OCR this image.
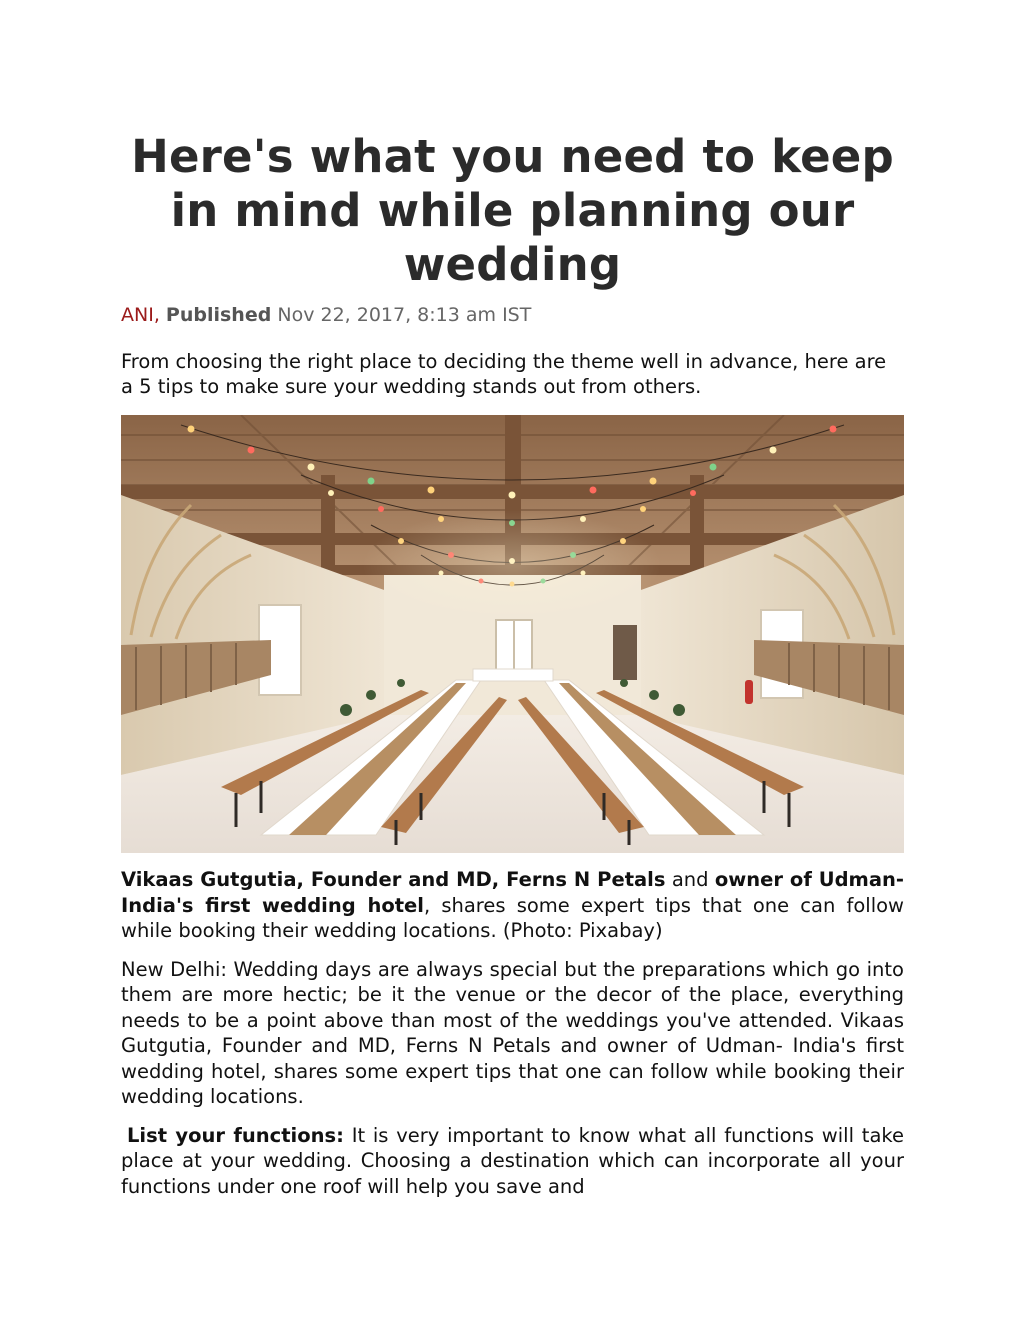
Here's what you need to keep in mind while planning our wedding
ANI, Published Nov 22, 2017, 8:13 am IST

From choosing the right place to deciding the theme well in advance, here are a 5 tips to make sure your wedding stands out from others.

Vikaas Gutgutia, Founder and MD, Ferns N Petals and owner of Udman- India's first wedding hotel, shares some expert tips that one can follow while booking their wedding locations. (Photo: Pixabay)

New Delhi: Wedding days are always special but the preparations which go into them are more hectic; be it the venue or the decor of the place, everything needs to be a point above than most of the weddings you've attended. Vikaas Gutgutia, Founder and MD, Ferns N Petals and owner of Udman- India's first wedding hotel, shares some expert tips that one can follow while booking their wedding locations.

List your functions: It is very important to know what all functions will take place at your wedding. Choosing a destination which can incorporate all your functions under one roof will help you save and
